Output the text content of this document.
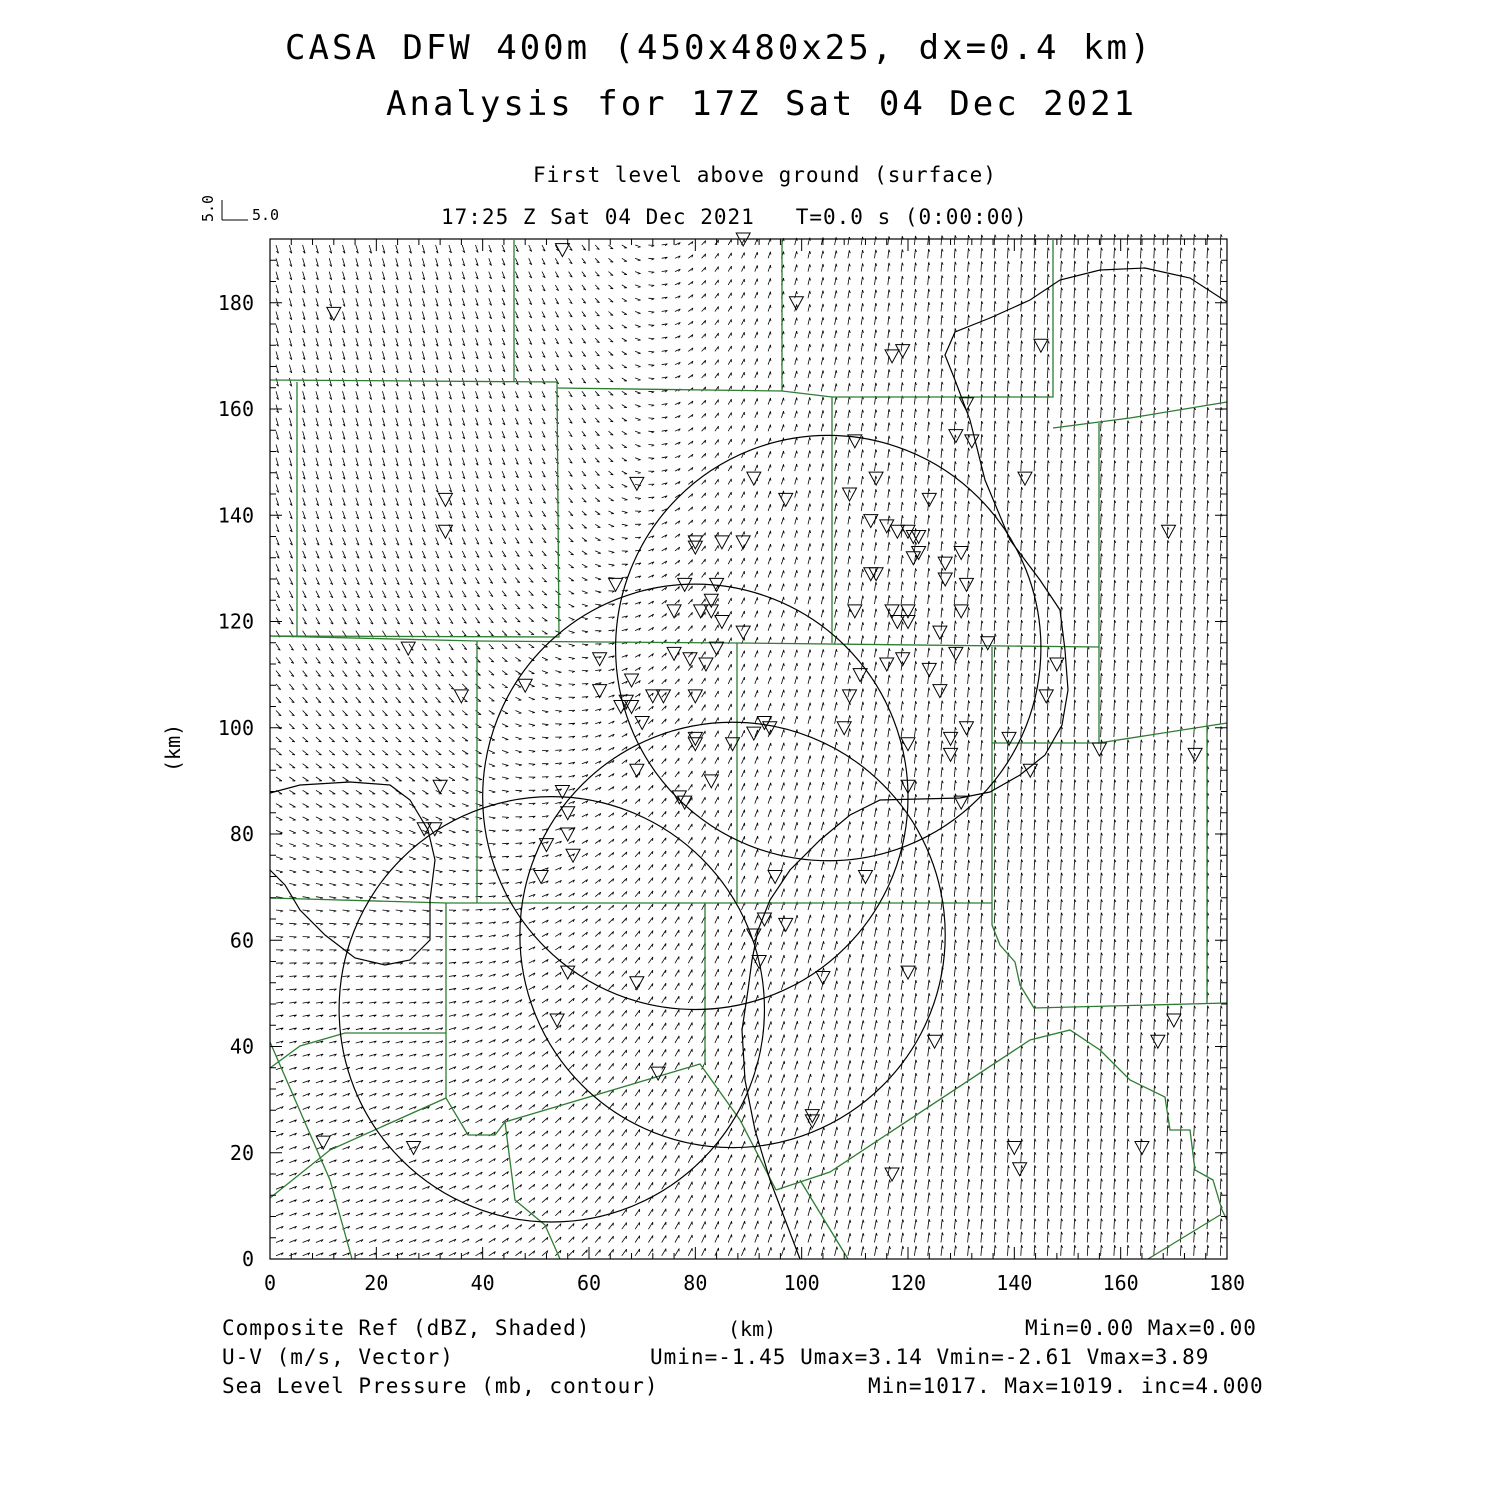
CASA DFW 400m (450x480x25, dx=0.4 km)
Analysis for 17Z Sat 04 Dec 2021
First level above ground (surface)
17:25 Z Sat 04 Dec 2021   T=0.0 s (0:00:00)
5.0
5.0
0	20	40	60	80	100	120	140	160	180
0
20
40
60
80
100
120
140
160
180
(km)
(km)
Composite Ref (dBZ, Shaded)	Min=0.00 Max=0.00
U-V (m/s, Vector)	Umin=-1.45 Umax=3.14 Vmin=-2.61 Vmax=3.89
Sea Level Pressure (mb, contour)	Min=1017. Max=1019. inc=4.000
